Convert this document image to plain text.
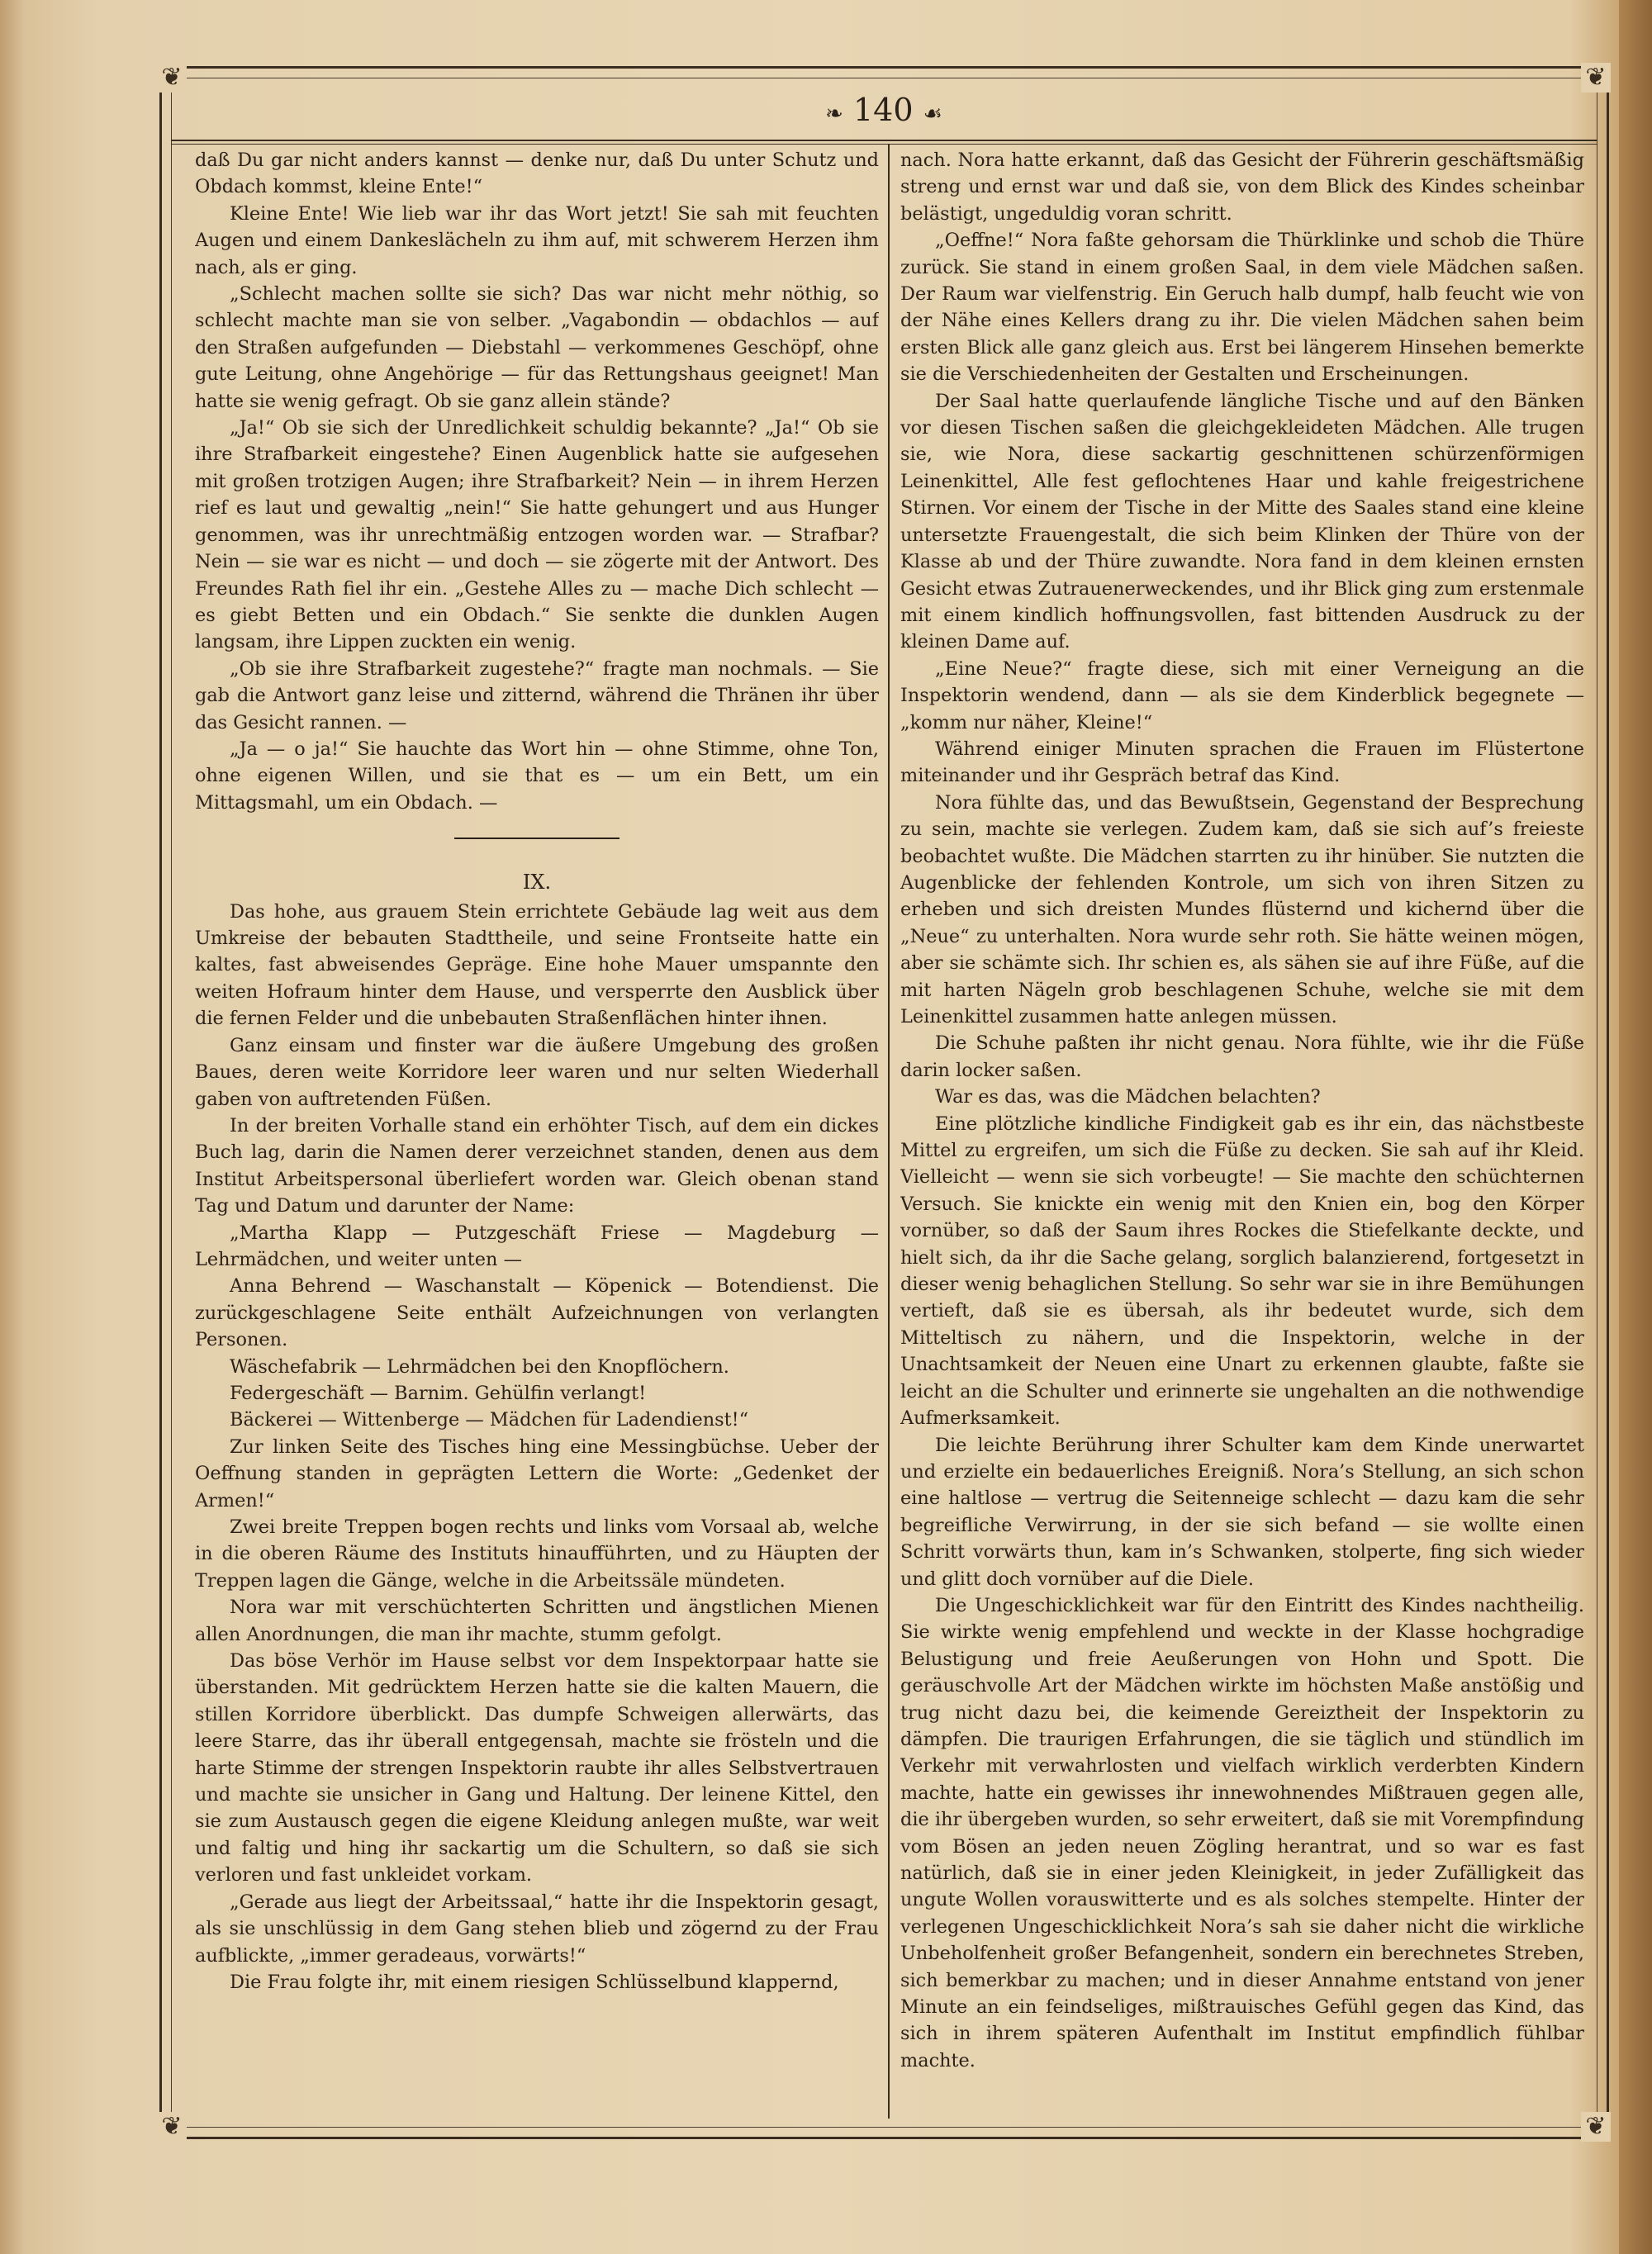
❦	❦
❦	❦
❧ 140 ☙

daß Du gar nicht anders kannst — denke nur, daß Du unter Schutz und Obdach kommst, kleine Ente!“

Kleine Ente! Wie lieb war ihr das Wort jetzt! Sie sah mit feuchten Augen und einem Dankeslächeln zu ihm auf, mit schwerem Herzen ihm nach, als er ging.

„Schlecht machen sollte sie sich? Das war nicht mehr nöthig, so schlecht machte man sie von selber. „Vagabondin — obdachlos — auf den Straßen aufgefunden — Diebstahl — verkommenes Geschöpf, ohne gute Leitung, ohne Angehörige — für das Rettungshaus geeignet! Man hatte sie wenig gefragt. Ob sie ganz allein stände?

„Ja!“ Ob sie sich der Unredlichkeit schuldig bekannte? „Ja!“ Ob sie ihre Strafbarkeit eingestehe? Einen Augenblick hatte sie aufgesehen mit großen trotzigen Augen; ihre Strafbarkeit? Nein — in ihrem Herzen rief es laut und gewaltig „nein!“ Sie hatte gehungert und aus Hunger genommen, was ihr unrechtmäßig entzogen worden war. — Strafbar? Nein — sie war es nicht — und doch — sie zögerte mit der Antwort. Des Freundes Rath fiel ihr ein. „Gestehe Alles zu — mache Dich schlecht — es giebt Betten und ein Obdach.“ Sie senkte die dunklen Augen langsam, ihre Lippen zuckten ein wenig.

„Ob sie ihre Strafbarkeit zugestehe?“ fragte man nochmals. — Sie gab die Antwort ganz leise und zitternd, während die Thränen ihr über das Gesicht rannen. —

„Ja — o ja!“ Sie hauchte das Wort hin — ohne Stimme, ohne Ton, ohne eigenen Willen, und sie that es — um ein Bett, um ein Mittagsmahl, um ein Obdach. —

IX.

Das hohe, aus grauem Stein errichtete Gebäude lag weit aus dem Umkreise der bebauten Stadttheile, und seine Frontseite hatte ein kaltes, fast abweisendes Gepräge. Eine hohe Mauer umspannte den weiten Hofraum hinter dem Hause, und versperrte den Ausblick über die fernen Felder und die unbebauten Straßenflächen hinter ihnen.

Ganz einsam und finster war die äußere Umgebung des großen Baues, deren weite Korridore leer waren und nur selten Wiederhall gaben von auftretenden Füßen.

In der breiten Vorhalle stand ein erhöhter Tisch, auf dem ein dickes Buch lag, darin die Namen derer verzeichnet standen, denen aus dem Institut Arbeitspersonal überliefert worden war. Gleich obenan stand Tag und Datum und darunter der Name:

„Martha Klapp — Putzgeschäft Friese — Magdeburg — Lehrmädchen, und weiter unten —

Anna Behrend — Waschanstalt — Köpenick — Botendienst. Die zurückgeschlagene Seite enthält Aufzeichnungen von verlangten Personen.

Wäschefabrik — Lehrmädchen bei den Knopflöchern.

Federgeschäft — Barnim. Gehülfin verlangt!

Bäckerei — Wittenberge — Mädchen für Ladendienst!“

Zur linken Seite des Tisches hing eine Messingbüchse. Ueber der Oeffnung standen in geprägten Lettern die Worte: „Gedenket der Armen!“

Zwei breite Treppen bogen rechts und links vom Vorsaal ab, welche in die oberen Räume des Instituts hinaufführten, und zu Häupten der Treppen lagen die Gänge, welche in die Arbeitssäle mündeten.

Nora war mit verschüchterten Schritten und ängstlichen Mienen allen Anordnungen, die man ihr machte, stumm gefolgt.

Das böse Verhör im Hause selbst vor dem Inspektorpaar hatte sie überstanden. Mit gedrücktem Herzen hatte sie die kalten Mauern, die stillen Korridore überblickt. Das dumpfe Schweigen allerwärts, das leere Starre, das ihr überall entgegensah, machte sie frösteln und die harte Stimme der strengen Inspektorin raubte ihr alles Selbstvertrauen und machte sie unsicher in Gang und Haltung. Der leinene Kittel, den sie zum Austausch gegen die eigene Kleidung anlegen mußte, war weit und faltig und hing ihr sackartig um die Schultern, so daß sie sich verloren und fast unkleidet vorkam.

„Gerade aus liegt der Arbeitssaal,“ hatte ihr die Inspektorin gesagt, als sie unschlüssig in dem Gang stehen blieb und zögernd zu der Frau aufblickte, „immer geradeaus, vorwärts!“

Die Frau folgte ihr, mit einem riesigen Schlüsselbund klappernd,

nach. Nora hatte erkannt, daß das Gesicht der Führerin geschäftsmäßig streng und ernst war und daß sie, von dem Blick des Kindes scheinbar belästigt, ungeduldig voran schritt.

„Oeffne!“ Nora faßte gehorsam die Thürklinke und schob die Thüre zurück. Sie stand in einem großen Saal, in dem viele Mädchen saßen. Der Raum war vielfenstrig. Ein Geruch halb dumpf, halb feucht wie von der Nähe eines Kellers drang zu ihr. Die vielen Mädchen sahen beim ersten Blick alle ganz gleich aus. Erst bei längerem Hinsehen bemerkte sie die Verschiedenheiten der Gestalten und Erscheinungen.

Der Saal hatte querlaufende längliche Tische und auf den Bänken vor diesen Tischen saßen die gleichgekleideten Mädchen. Alle trugen sie, wie Nora, diese sackartig geschnittenen schürzenförmigen Leinenkittel, Alle fest geflochtenes Haar und kahle freigestrichene Stirnen. Vor einem der Tische in der Mitte des Saales stand eine kleine untersetzte Frauengestalt, die sich beim Klinken der Thüre von der Klasse ab und der Thüre zuwandte. Nora fand in dem kleinen ernsten Gesicht etwas Zutrauenerweckendes, und ihr Blick ging zum erstenmale mit einem kindlich hoffnungsvollen, fast bittenden Ausdruck zu der kleinen Dame auf.

„Eine Neue?“ fragte diese, sich mit einer Verneigung an die Inspektorin wendend, dann — als sie dem Kinderblick begegnete — „komm nur näher, Kleine!“

Während einiger Minuten sprachen die Frauen im Flüstertone miteinander und ihr Gespräch betraf das Kind.

Nora fühlte das, und das Bewußtsein, Gegenstand der Besprechung zu sein, machte sie verlegen. Zudem kam, daß sie sich auf’s freieste beobachtet wußte. Die Mädchen starrten zu ihr hinüber. Sie nutzten die Augenblicke der fehlenden Kontrole, um sich von ihren Sitzen zu erheben und sich dreisten Mundes flüsternd und kichernd über die „Neue“ zu unterhalten. Nora wurde sehr roth. Sie hätte weinen mögen, aber sie schämte sich. Ihr schien es, als sähen sie auf ihre Füße, auf die mit harten Nägeln grob beschlagenen Schuhe, welche sie mit dem Leinenkittel zusammen hatte anlegen müssen.

Die Schuhe paßten ihr nicht genau. Nora fühlte, wie ihr die Füße darin locker saßen.

War es das, was die Mädchen belachten?

Eine plötzliche kindliche Findigkeit gab es ihr ein, das nächstbeste Mittel zu ergreifen, um sich die Füße zu decken. Sie sah auf ihr Kleid. Vielleicht — wenn sie sich vorbeugte! — Sie machte den schüchternen Versuch. Sie knickte ein wenig mit den Knien ein, bog den Körper vornüber, so daß der Saum ihres Rockes die Stiefelkante deckte, und hielt sich, da ihr die Sache gelang, sorglich balanzierend, fortgesetzt in dieser wenig behaglichen Stellung. So sehr war sie in ihre Bemühungen vertieft, daß sie es übersah, als ihr bedeutet wurde, sich dem Mitteltisch zu nähern, und die Inspektorin, welche in der Unachtsamkeit der Neuen eine Unart zu erkennen glaubte, faßte sie leicht an die Schulter und erinnerte sie ungehalten an die nothwendige Aufmerksamkeit.

Die leichte Berührung ihrer Schulter kam dem Kinde unerwartet und erzielte ein bedauerliches Ereigniß. Nora’s Stellung, an sich schon eine haltlose — vertrug die Seitenneige schlecht — dazu kam die sehr begreifliche Verwirrung, in der sie sich befand — sie wollte einen Schritt vorwärts thun, kam in’s Schwanken, stolperte, fing sich wieder und glitt doch vornüber auf die Diele.

Die Ungeschicklichkeit war für den Eintritt des Kindes nachtheilig. Sie wirkte wenig empfehlend und weckte in der Klasse hochgradige Belustigung und freie Aeußerungen von Hohn und Spott. Die geräuschvolle Art der Mädchen wirkte im höchsten Maße anstößig und trug nicht dazu bei, die keimende Gereiztheit der Inspektorin zu dämpfen. Die traurigen Erfahrungen, die sie täglich und stündlich im Verkehr mit verwahrlosten und vielfach wirklich verderbten Kindern machte, hatte ein gewisses ihr innewohnendes Mißtrauen gegen alle, die ihr übergeben wurden, so sehr erweitert, daß sie mit Vorempfindung vom Bösen an jeden neuen Zögling herantrat, und so war es fast natürlich, daß sie in einer jeden Kleinigkeit, in jeder Zufälligkeit das ungute Wollen vorauswitterte und es als solches stempelte. Hinter der verlegenen Ungeschicklichkeit Nora’s sah sie daher nicht die wirkliche Unbeholfenheit großer Befangenheit, sondern ein berechnetes Streben, sich bemerkbar zu machen; und in dieser Annahme entstand von jener Minute an ein feindseliges, mißtrauisches Gefühl gegen das Kind, das sich in ihrem späteren Aufenthalt im Institut empfindlich fühlbar machte.
